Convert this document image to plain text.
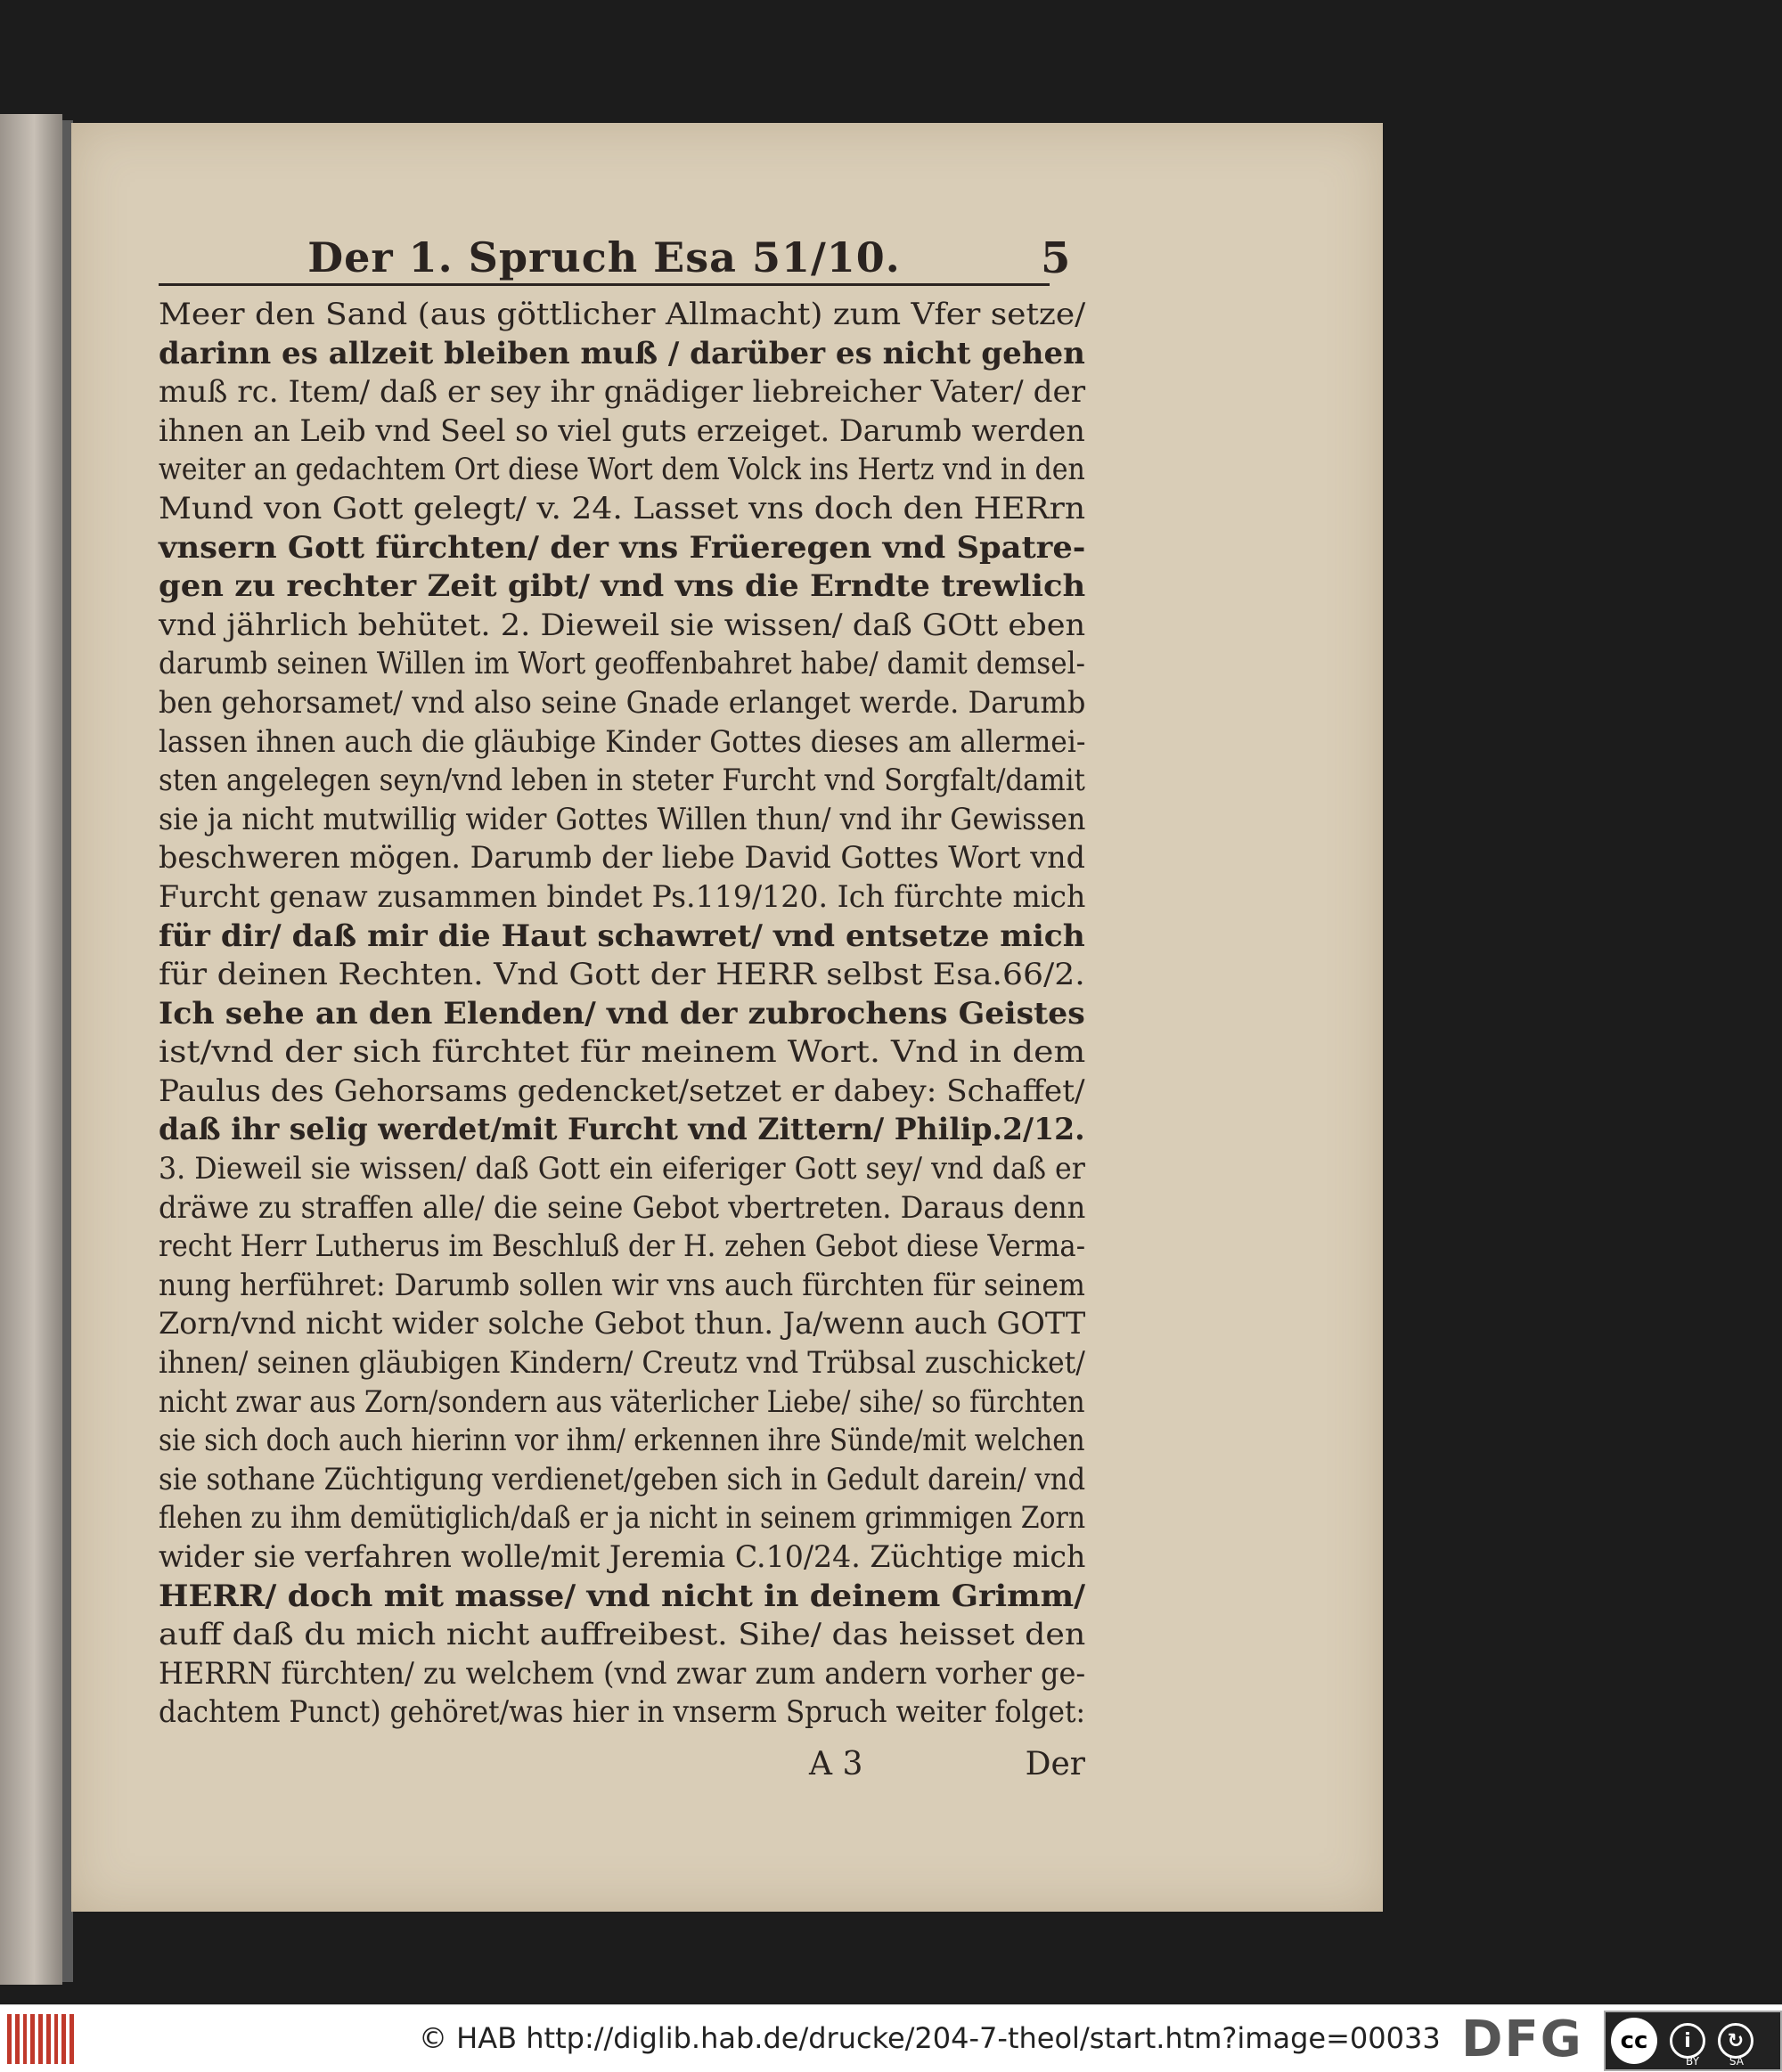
Der 1. Spruch Esa 51/10.	5
Meer den Sand (aus göttlicher Allmacht) zum Vfer setze/
darinn es allzeit bleiben muß / darüber es nicht gehen
muß rc. Item/ daß er sey ihr gnädiger liebreicher Vater/ der
ihnen an Leib vnd Seel so viel guts erzeiget. Darumb werden
weiter an gedachtem Ort diese Wort dem Volck ins Hertz vnd in den
Mund von Gott gelegt/ v. 24. Lasset vns doch den HERrn
vnsern Gott fürchten/ der vns Früeregen vnd Spatre-
gen zu rechter Zeit gibt/ vnd vns die Erndte trewlich
vnd jährlich behütet. 2. Dieweil sie wissen/ daß GOtt eben
darumb seinen Willen im Wort geoffenbahret habe/ damit demsel-
ben gehorsamet/ vnd also seine Gnade erlanget werde. Darumb
lassen ihnen auch die gläubige Kinder Gottes dieses am allermei-
sten angelegen seyn/vnd leben in steter Furcht vnd Sorgfalt/damit
sie ja nicht mutwillig wider Gottes Willen thun/ vnd ihr Gewissen
beschweren mögen. Darumb der liebe David Gottes Wort vnd
Furcht genaw zusammen bindet Ps.119/120. Ich fürchte mich
für dir/ daß mir die Haut schawret/ vnd entsetze mich
für deinen Rechten. Vnd Gott der HERR selbst Esa.66/2.
Ich sehe an den Elenden/ vnd der zubrochens Geistes
ist/vnd der sich fürchtet für meinem Wort. Vnd in dem
Paulus des Gehorsams gedencket/setzet er dabey: Schaffet/
daß ihr selig werdet/mit Furcht vnd Zittern/ Philip.2/12.
3. Dieweil sie wissen/ daß Gott ein eiferiger Gott sey/ vnd daß er
dräwe zu straffen alle/ die seine Gebot vbertreten. Daraus denn
recht Herr Lutherus im Beschluß der H. zehen Gebot diese Verma-
nung herführet: Darumb sollen wir vns auch fürchten für seinem
Zorn/vnd nicht wider solche Gebot thun. Ja/wenn auch GOTT
ihnen/ seinen gläubigen Kindern/ Creutz vnd Trübsal zuschicket/
nicht zwar aus Zorn/sondern aus väterlicher Liebe/ sihe/ so fürchten
sie sich doch auch hierinn vor ihm/ erkennen ihre Sünde/mit welchen
sie sothane Züchtigung verdienet/geben sich in Gedult darein/ vnd
flehen zu ihm demütiglich/daß er ja nicht in seinem grimmigen Zorn
wider sie verfahren wolle/mit Jeremia C.10/24. Züchtige mich
HERR/ doch mit masse/ vnd nicht in deinem Grimm/
auff daß du mich nicht auffreibest. Sihe/ das heisset den
HERRN fürchten/ zu welchem (vnd zwar zum andern vorher ge-
dachtem Punct) gehöret/was hier in vnserm Spruch weiter folget:
A 3	Der
© HAB http://diglib.hab.de/drucke/204-7-theol/start.htm?image=00033 DFG	cc	i	↻
BY	SA
